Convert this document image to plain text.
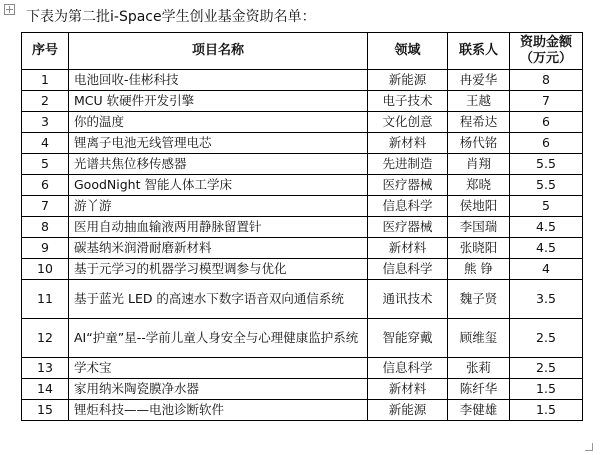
下表为第二批i-Space学生创业基金资助名单：
序号	项目名称	领域	联系人	资助金额
（万元）
1	电池回收-佳彬科技	新能源	冉爱华	8
2	MCU 软硬件开发引擎	电子技术	王越	7
3	你的温度	文化创意	程希达	6
4	锂离子电池无线管理电芯	新材料	杨代铭	6
5	光谱共焦位移传感器	先进制造	肖翔	5.5
6	GoodNight 智能人体工学床	医疗器械	郑晓	5.5
7	游丫游	信息科学	侯地阳	5
8	医用自动抽血输液两用静脉留置针	医疗器械	李国瑞	4.5
9	碳基纳米润滑耐磨新材料	新材料	张晓阳	4.5
10	基于元学习的机器学习模型调参与优化	信息科学	熊 铮	4
11	基于蓝光 LED 的高速水下数字语音双向通信系统	通讯技术	魏子贤	3.5
12	AI“护童”星--学前儿童人身安全与心理健康监护系统	智能穿戴	顾维玺	2.5
13	学术宝	信息科学	张莉	2.5
14	家用纳米陶瓷膜净水器	新材料	陈纤华	1.5
15	锂炬科技——电池诊断软件	新能源	李健雄	1.5
